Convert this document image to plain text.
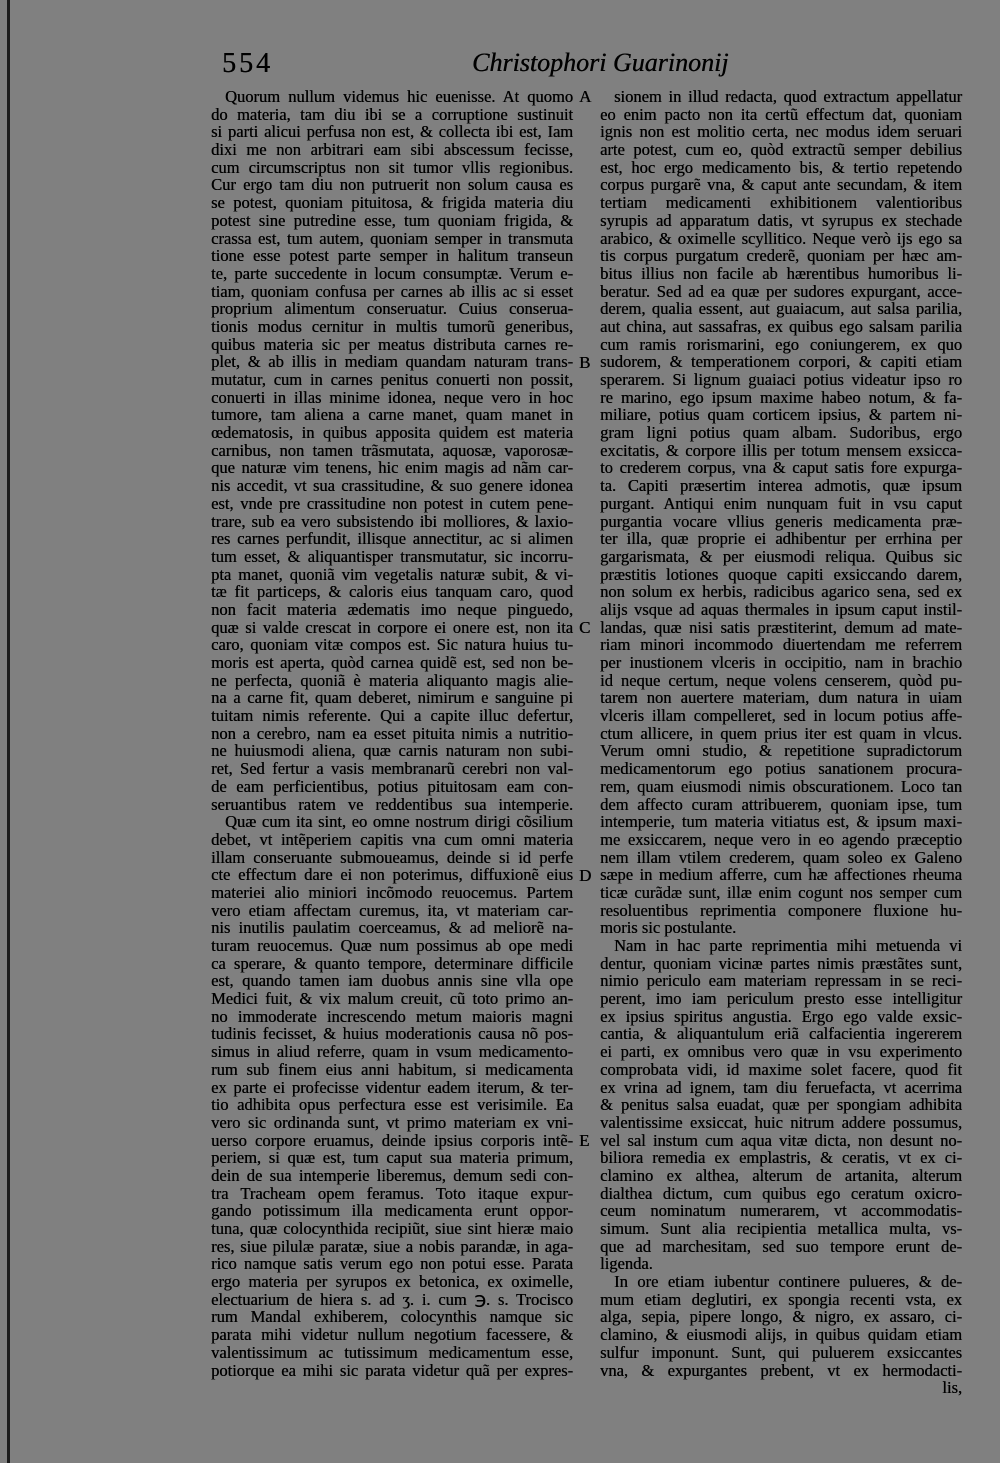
554	Christophori Guarinonij
Quorum nullum videmus hic euenisse. At quomo
do materia, tam diu ibi se a corruptione sustinuit
si parti alicui perfusa non est, & collecta ibi est, Iam
dixi me non arbitrari eam sibi abscessum fecisse,
cum circumscriptus non sit tumor vllis regionibus.
Cur ergo tam diu non putruerit non solum causa es
se potest, quoniam pituitosa, & frigida materia diu
potest sine putredine esse, tum quoniam frigida, &
crassa est, tum autem, quoniam semper in transmuta
tione esse potest parte semper in halitum transeun
te, parte succedente in locum consumptæ. Verum e-
tiam, quoniam confusa per carnes ab illis ac si esset
proprium alimentum conseruatur. Cuius conserua-
tionis modus cernitur in multis tumorũ generibus,
quibus materia sic per meatus distributa carnes re-
plet, & ab illis in mediam quandam naturam trans-
mutatur, cum in carnes penitus conuerti non possit,
conuerti in illas minime idonea, neque vero in hoc
tumore, tam aliena a carne manet, quam manet in
œdematosis, in quibus apposita quidem est materia
carnibus, non tamen trãsmutata, aquosæ, vaporosæ-
que naturæ vim tenens, hic enim magis ad nãm car-
nis accedit, vt sua crassitudine, & suo genere idonea
est, vnde pre crassitudine non potest in cutem pene-
trare, sub ea vero subsistendo ibi molliores, & laxio-
res carnes perfundit, illisque annectitur, ac si alimen
tum esset, & aliquantisper transmutatur, sic incorru-
pta manet, quoniã vim vegetalis naturæ subit, & vi-
tæ fit particeps, & caloris eius tanquam caro, quod
non facit materia ædematis imo neque pinguedo,
quæ si valde crescat in corpore ei onere est, non ita
caro, quoniam vitæ compos est. Sic natura huius tu-
moris est aperta, quòd carnea quidẽ est, sed non be-
ne perfecta, quoniã è materia aliquanto magis alie-
na a carne fit, quam deberet, nimirum e sanguine pi
tuitam nimis referente. Qui a capite illuc defertur,
non a cerebro, nam ea esset pituita nimis a nutritio-
ne huiusmodi aliena, quæ carnis naturam non subi-
ret, Sed fertur a vasis membranarũ cerebri non val-
de eam perficientibus, potius pituitosam eam con-
seruantibus ratem ve reddentibus sua intemperie.
Quæ cum ita sint, eo omne nostrum dirigi cõsilium
debet, vt intẽperiem capitis vna cum omni materia
illam conseruante submoueamus, deinde si id perfe
cte effectum dare ei non poterimus, diffuxionẽ eius
materiei alio miniori incõmodo reuocemus. Partem
vero etiam affectam curemus, ita, vt materiam car-
nis inutilis paulatim coerceamus, & ad meliorẽ na-
turam reuocemus. Quæ num possimus ab ope medi
ca sperare, & quanto tempore, determinare difficile
est, quando tamen iam duobus annis sine vlla ope
Medici fuit, & vix malum creuit, cũ toto primo an-
no immoderate increscendo metum maioris magni
tudinis fecisset, & huius moderationis causa nõ pos-
simus in aliud referre, quam in vsum medicamento-
rum sub finem eius anni habitum, si medicamenta
ex parte ei profecisse videntur eadem iterum, & ter-
tio adhibita opus perfectura esse est verisimile. Ea
vero sic ordinanda sunt, vt primo materiam ex vni-
uerso corpore eruamus, deinde ipsius corporis intẽ-
periem, si quæ est, tum caput sua materia primum,
dein de sua intemperie liberemus, demum sedi con-
tra Tracheam opem feramus. Toto itaque expur-
gando potissimum illa medicamenta erunt oppor-
tuna, quæ colocynthida recipiũt, siue sint hieræ maio
res, siue pilulæ paratæ, siue a nobis parandæ, in aga-
rico namque satis verum ego non potui esse. Parata
ergo materia per syrupos ex betonica, ex oximelle,
electuarium de hiera s. ad ʒ. i. cum ℈. s. Trocisco
rum Mandal exhiberem, colocynthis namque sic
parata mihi videtur nullum negotium facessere, &
valentissimum ac tutissimum medicamentum esse,
potiorque ea mihi sic parata videtur quã per expres-
sionem in illud redacta, quod extractum appellatur
eo enim pacto non ita certũ effectum dat, quoniam
ignis non est molitio certa, nec modus idem seruari
arte potest, cum eo, quòd extractũ semper debilius
est, hoc ergo medicamento bis, & tertio repetendo
corpus purgarẽ vna, & caput ante secundam, & item
tertiam medicamenti exhibitionem valentioribus
syrupis ad apparatum datis, vt syrupus ex stechade
arabico, & oximelle scyllitico. Neque verò ijs ego sa
tis corpus purgatum crederẽ, quoniam per hæc am-
bitus illius non facile ab hærentibus humoribus li-
beratur. Sed ad ea quæ per sudores expurgant, acce-
derem, qualia essent, aut guaiacum, aut salsa parilia,
aut china, aut sassafras, ex quibus ego salsam parilia
cum ramis rorismarini, ego coniungerem, ex quo
sudorem, & temperationem corpori, & capiti etiam
sperarem. Si lignum guaiaci potius videatur ipso ro
re marino, ego ipsum maxime habeo notum, & fa-
miliare, potius quam corticem ipsius, & partem ni-
gram ligni potius quam albam. Sudoribus, ergo
excitatis, & corpore illis per totum mensem exsicca-
to crederem corpus, vna & caput satis fore expurga-
ta. Capiti præsertim interea admotis, quæ ipsum
purgant. Antiqui enim nunquam fuit in vsu caput
purgantia vocare vllius generis medicamenta præ-
ter illa, quæ proprie ei adhibentur per errhina per
gargarismata, & per eiusmodi reliqua. Quibus sic
præstitis lotiones quoque capiti exsiccando darem,
non solum ex herbis, radicibus agarico sena, sed ex
alijs vsque ad aquas thermales in ipsum caput instil-
landas, quæ nisi satis præstiterint, demum ad mate-
riam minori incommodo diuertendam me referrem
per inustionem vlceris in occipitio, nam in brachio
id neque certum, neque volens censerem, quòd pu-
tarem non auertere materiam, dum natura in uiam
vlceris illam compelleret, sed in locum potius affe-
ctum allicere, in quem prius iter est quam in vlcus.
Verum omni studio, & repetitione supradictorum
medicamentorum ego potius sanationem procura-
rem, quam eiusmodi nimis obscurationem. Loco tan
dem affecto curam attribuerem, quoniam ipse, tum
intemperie, tum materia vitiatus est, & ipsum maxi-
me exsiccarem, neque vero in eo agendo præceptio
nem illam vtilem crederem, quam soleo ex Galeno
sæpe in medium afferre, cum hæ affectiones rheuma
ticæ curãdæ sunt, illæ enim cogunt nos semper cum
resoluentibus reprimentia componere fluxione hu-
moris sic postulante.
Nam in hac parte reprimentia mihi metuenda vi
dentur, quoniam vicinæ partes nimis præstãtes sunt,
nimio periculo eam materiam repressam in se reci-
perent, imo iam periculum presto esse intelligitur
ex ipsius spiritus angustia. Ergo ego valde exsic-
cantia, & aliquantulum eriã calfacientia ingererem
ei parti, ex omnibus vero quæ in vsu experimento
comprobata vidi, id maxime solet facere, quod fit
ex vrina ad ignem, tam diu feruefacta, vt acerrima
& penitus salsa euadat, quæ per spongiam adhibita
valentissime exsiccat, huic nitrum addere possumus,
vel sal instum cum aqua vitæ dicta, non desunt no-
biliora remedia ex emplastris, & ceratis, vt ex ci-
clamino ex althea, alterum de artanita, alterum
dialthea dictum, cum quibus ego ceratum oxicro-
ceum nominatum numerarem, vt accommodatis-
simum. Sunt alia recipientia metallica multa, vs-
que ad marchesitam, sed suo tempore erunt de-
ligenda.
In ore etiam iubentur continere pulueres, & de-
mum etiam deglutiri, ex spongia recenti vsta, ex
alga, sepia, pipere longo, & nigro, ex assaro, ci-
clamino, & eiusmodi alijs, in quibus quidam etiam
sulfur imponunt. Sunt, qui puluerem exsiccantes
vna, & expurgantes prebent, vt ex hermodacti-
lis,
A
B
C
D
E
